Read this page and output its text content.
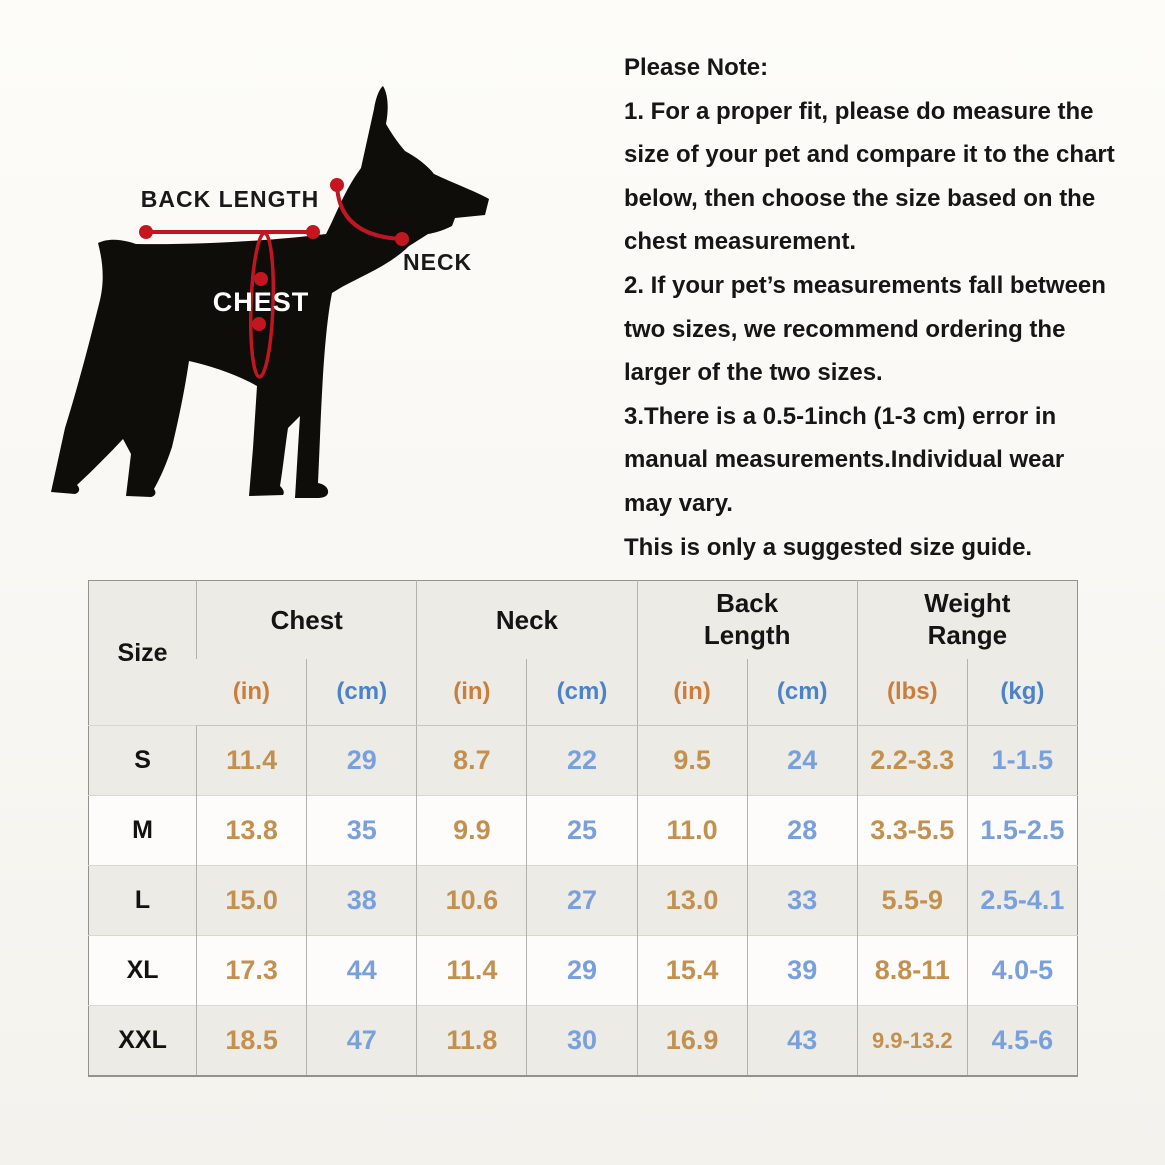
BACK LENGTH
CHEST
NECK
Please Note:
1. For a proper fit, please do measure the
size of your pet and compare it to the chart
below, then choose the size based on the
chest measurement.
2. If your pet’s measurements fall between
two sizes, we recommend ordering the
larger of the two sizes.
3.There is a 0.5-1inch (1-3 cm) error in
manual measurements.Individual wear
may vary.
This is only a suggested size guide.
Size	Chest		Neck		Back Length		Weight Range	

	(in)	(cm)	(in)	(cm)	(in)	(cm)	(lbs)	(kg)
S	11.4	29	8.7	22	9.5	24	2.2-3.3	1-1.5
M	13.8	35	9.9	25	11.0	28	3.3-5.5	1.5-2.5
L	15.0	38	10.6	27	13.0	33	5.5-9	2.5-4.1
XL	17.3	44	11.4	29	15.4	39	8.8-11	4.0-5
XXL	18.5	47	11.8	30	16.9	43	9.9-13.2	4.5-6
